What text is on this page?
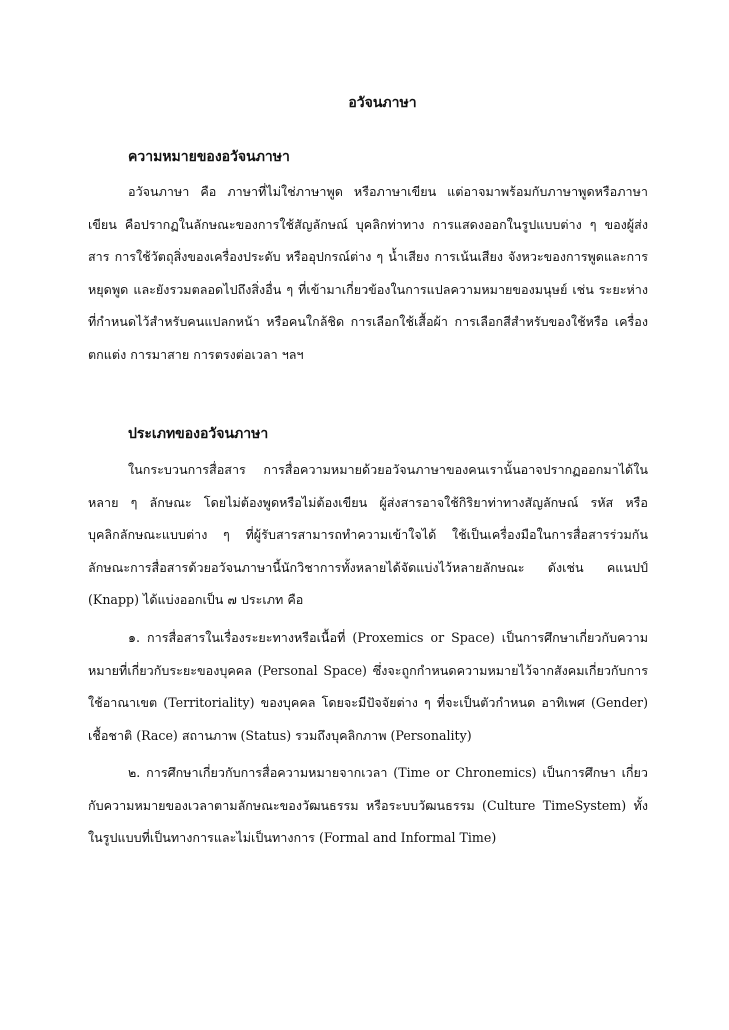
อวัจนภาษา
ความหมายของอวัจนภาษา

อวัจนภาษา คือ ภาษาที่ไม่ใช่ภาษาพูด หรือภาษาเขียน แต่อาจมาพร้อมกับภาษาพูดหรือภาษาเขียน คือปรากฏในลักษณะของการใช้สัญลักษณ์ บุคลิกท่าทาง การแสดงออกในรูปแบบต่าง ๆ ของผู้ส่งสาร การใช้วัตถุสิ่งของเครื่องประดับ หรืออุปกรณ์ต่าง ๆ น้ำเสียง การเน้นเสียง จังหวะของการพูดและการหยุดพูด และยังรวมตลอดไปถึงสิ่งอื่น ๆ ที่เข้ามาเกี่ยวข้องในการแปลความหมายของมนุษย์ เช่น ระยะห่างที่กำหนดไว้สำหรับคนแปลกหน้า หรือคนใกล้ชิด การเลือกใช้เสื้อผ้า การเลือกสีสำหรับของใช้หรือ เครื่องตกแต่ง การมาสาย การตรงต่อเวลา ฯลฯ

ประเภทของอวัจนภาษา

ในกระบวนการสื่อสาร การสื่อความหมายด้วยอวัจนภาษาของคนเรานั้นอาจปรากฏออกมาได้ในหลาย ๆ ลักษณะ โดยไม่ต้องพูดหรือไม่ต้องเขียน ผู้ส่งสารอาจใช้กิริยาท่าทางสัญลักษณ์ รหัส หรือบุคลิกลักษณะแบบต่าง ๆ ที่ผู้รับสารสามารถทำความเข้าใจได้ ใช้เป็นเครื่องมือในการสื่อสารร่วมกัน ลักษณะการสื่อสารด้วยอวัจนภาษานี้นักวิชาการทั้งหลายได้จัดแบ่งไว้หลายลักษณะ ดังเช่น คแนปป์ (Knapp) ได้แบ่งออกเป็น ๗ ประเภท คือ

๑. การสื่อสารในเรื่องระยะทางหรือเนื้อที่ (Proxemics or Space) เป็นการศึกษาเกี่ยวกับความหมายที่เกี่ยวกับระยะของบุคคล (Personal Space) ซึ่งจะถูกกำหนดความหมายไว้จากสังคมเกี่ยวกับการใช้อาณาเขต (Territoriality) ของบุคคล โดยจะมีปัจจัยต่าง ๆ ที่จะเป็นตัวกำหนด อาทิเพศ (Gender) เชื้อชาติ (Race) สถานภาพ (Status) รวมถึงบุคลิกภาพ (Personality)

๒. การศึกษาเกี่ยวกับการสื่อความหมายจากเวลา (Time or Chronemics) เป็นการศึกษา เกี่ยวกับความหมายของเวลาตามลักษณะของวัฒนธรรม หรือระบบวัฒนธรรม (Culture TimeSystem) ทั้งในรูปแบบที่เป็นทางการและไม่เป็นทางการ (Formal and Informal Time)
